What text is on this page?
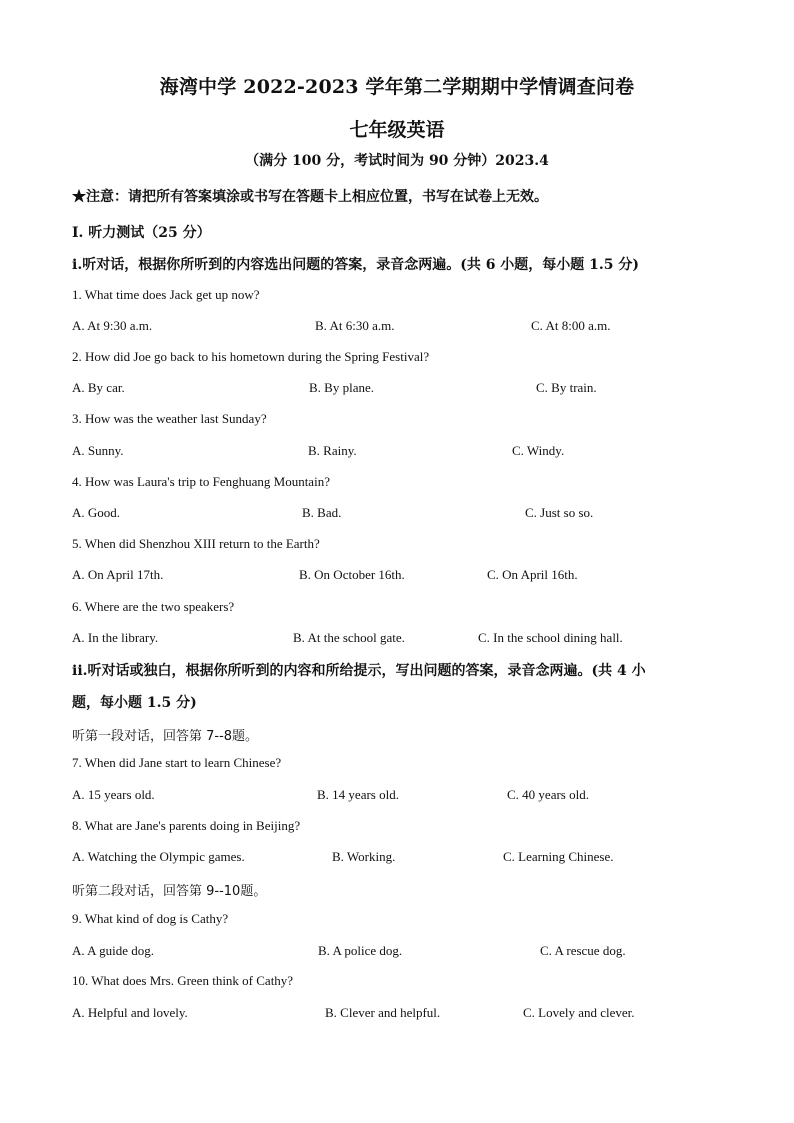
海湾中学 2022-2023 学年第二学期期中学情调查问卷
七年级英语
（满分 100 分，考试时间为 90 分钟）2023.4
★注意：请把所有答案填涂或书写在答题卡上相应位置，书写在试卷上无效。
I. 听力测试（25 分）
i.听对话，根据你所听到的内容选出问题的答案，录音念两遍。(共 6 小题，每小题 1.5 分)
1. What time does Jack get up now?
A. At 9:30 a.m.	B. At 6:30 a.m.	C. At 8:00 a.m.
2. How did Joe go back to his hometown during the Spring Festival?
A. By car.	B. By plane.	C. By train.
3. How was the weather last Sunday?
A. Sunny.	B. Rainy.	C. Windy.
4. How was Laura's trip to Fenghuang Mountain?
A. Good.	B. Bad.	C. Just so so.
5. When did Shenzhou XIII return to the Earth?
A. On April 17th.	B. On October 16th.	C. On April 16th.
6. Where are the two speakers?
A. In the library.	B. At the school gate.	C. In the school dining hall.
ii.听对话或独白，根据你所听到的内容和所给提示，写出问题的答案，录音念两遍。(共 4 小
题，每小题 1.5 分)
听第一段对话，回答第 7--8题。
7. When did Jane start to learn Chinese?
A. 15 years old.	B. 14 years old.	C. 40 years old.
8. What are Jane's parents doing in Beijing?
A. Watching the Olympic games.	B. Working.	C. Learning Chinese.
听第二段对话，回答第 9--10题。
9. What kind of dog is Cathy?
A. A guide dog.	B. A police dog.	C. A rescue dog.
10. What does Mrs. Green think of Cathy?
A. Helpful and lovely.	B. Clever and helpful.	C. Lovely and clever.
